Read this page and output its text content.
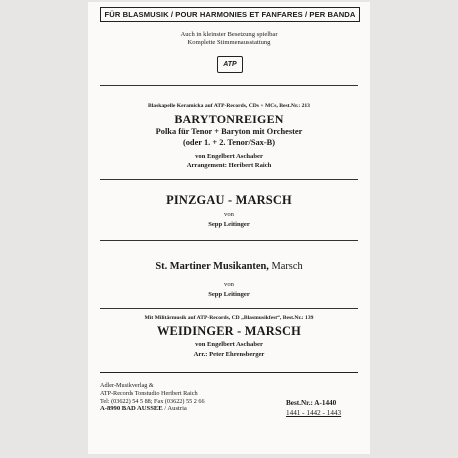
FÜR BLASMUSIK / POUR HARMONIES ET FANFARES / PER BANDA
Auch in kleinster Besetzung spielbar
Komplette Stimmenausstattung
ATP
Blaskapelle Keramicka auf ATP-Records, CDs + MCs, Best.Nr.: 213
BARYTONREIGEN
Polka für Tenor + Baryton mit Orchester
(oder 1. + 2. Tenor/Sax-B)
von Engelbert Aschaber
Arrangement: Heribert Raich
PINZGAU - MARSCH
von
Sepp Leitinger
St. Martiner Musikanten, Marsch
von
Sepp Leitinger
Mit Militärmusik auf ATP-Records, CD „Blasmusikfest“, Best.Nr.: 139
WEIDINGER - MARSCH
von Engelbert Aschaber
Arr.: Peter Ehrensberger
Adler-Musikverlag &
ATP-Records Tonstudio Heribert Raich
Tel: (03622) 54 5 88; Fax (03622) 55 2 66
A-8990 BAD AUSSEE / Austria
Best.Nr.: A-1440
1441 - 1442 - 1443
